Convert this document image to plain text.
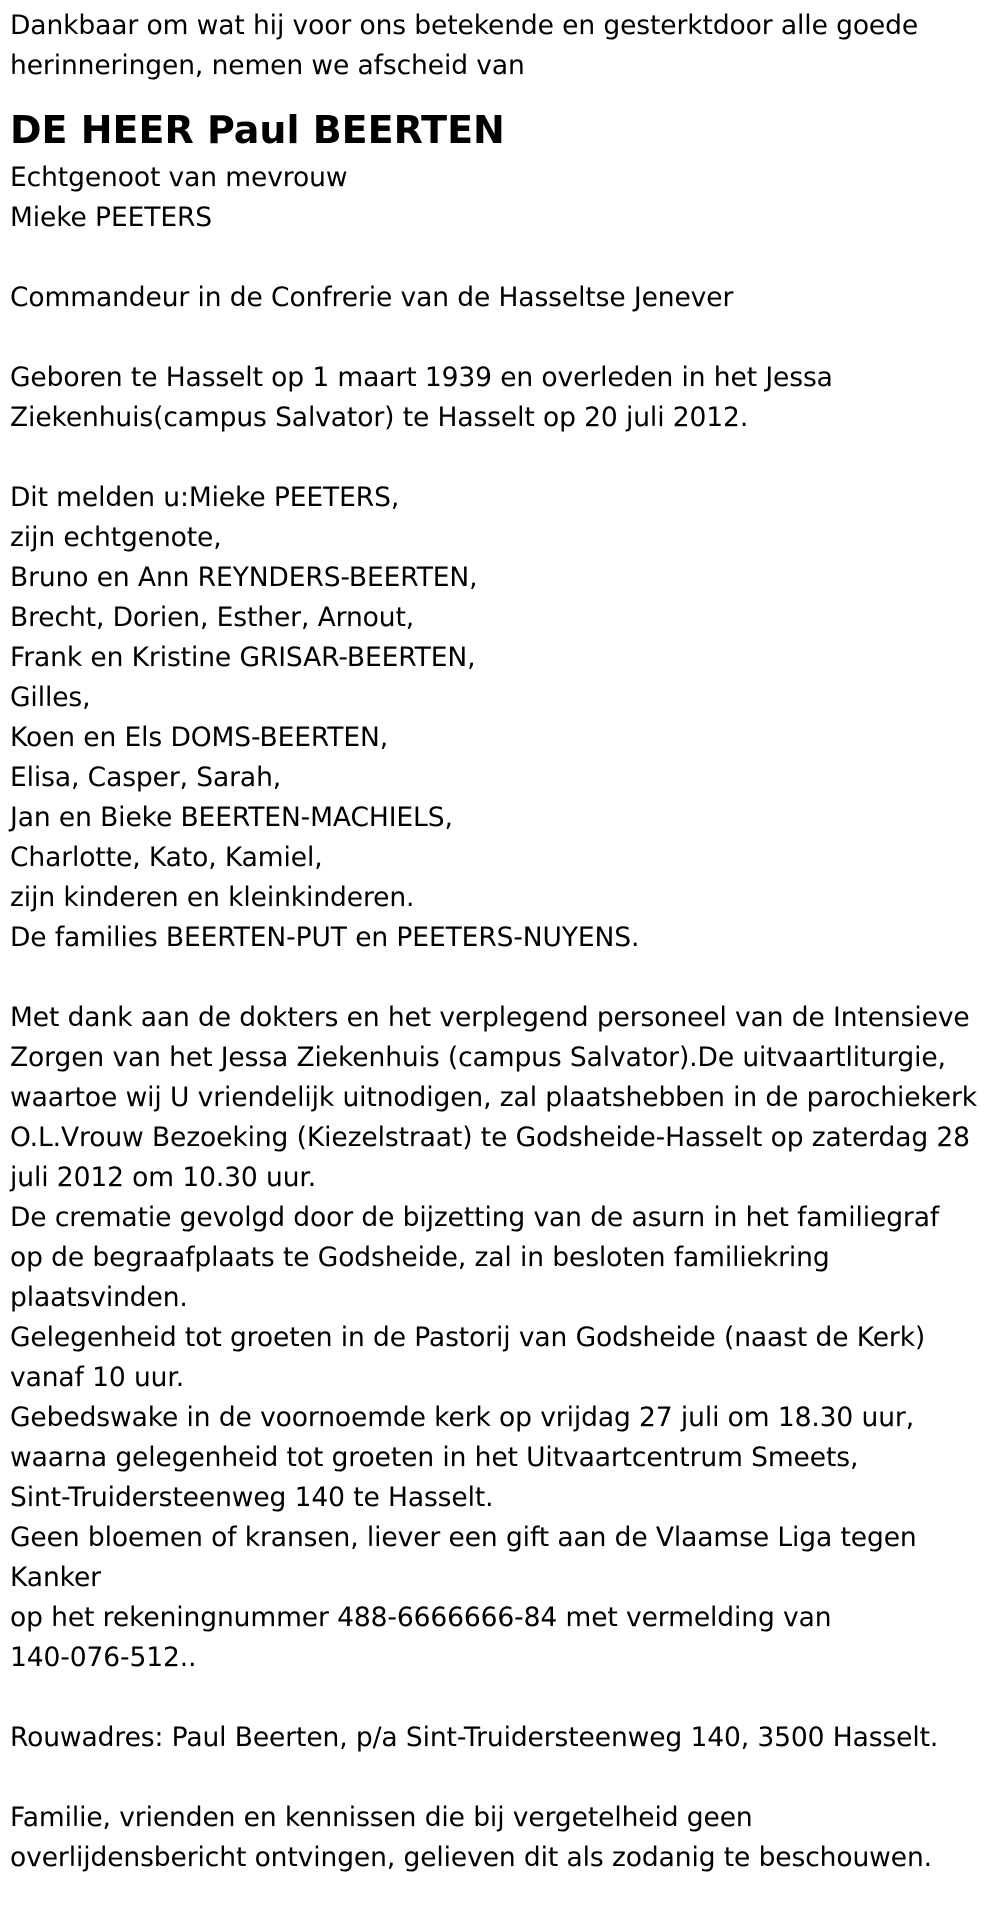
Dankbaar om wat hij voor ons betekende en gesterktdoor alle goede
herinneringen, nemen we afscheid van
DE HEER Paul BEERTEN
Echtgenoot van mevrouw
Mieke PEETERS
Commandeur in de Confrerie van de Hasseltse Jenever
Geboren te Hasselt op 1 maart 1939 en overleden in het Jessa
Ziekenhuis(campus Salvator) te Hasselt op 20 juli 2012.
Dit melden u:Mieke PEETERS,
zijn echtgenote,
Bruno en Ann REYNDERS-BEERTEN,
Brecht, Dorien, Esther, Arnout,
Frank en Kristine GRISAR-BEERTEN,
Gilles,
Koen en Els DOMS-BEERTEN,
Elisa, Casper, Sarah,
Jan en Bieke BEERTEN-MACHIELS,
Charlotte, Kato, Kamiel,
zijn kinderen en kleinkinderen.
De families BEERTEN-PUT en PEETERS-NUYENS.
Met dank aan de dokters en het verplegend personeel van de Intensieve
Zorgen van het Jessa Ziekenhuis (campus Salvator).De uitvaartliturgie,
waartoe wij U vriendelijk uitnodigen, zal plaatshebben in de parochiekerk
O.L.Vrouw Bezoeking (Kiezelstraat) te Godsheide-Hasselt op zaterdag 28
juli 2012 om 10.30 uur.
De crematie gevolgd door de bijzetting van de asurn in het familiegraf
op de begraafplaats te Godsheide, zal in besloten familiekring
plaatsvinden.
Gelegenheid tot groeten in de Pastorij van Godsheide (naast de Kerk)
vanaf 10 uur.
Gebedswake in de voornoemde kerk op vrijdag 27 juli om 18.30 uur,
waarna gelegenheid tot groeten in het Uitvaartcentrum Smeets,
Sint-Truidersteenweg 140 te Hasselt.
Geen bloemen of kransen, liever een gift aan de Vlaamse Liga tegen
Kanker
op het rekeningnummer 488-6666666-84 met vermelding van
140-076-512..
Rouwadres: Paul Beerten, p/a Sint-Truidersteenweg 140, 3500 Hasselt.
Familie, vrienden en kennissen die bij vergetelheid geen
overlijdensbericht ontvingen, gelieven dit als zodanig te beschouwen.
